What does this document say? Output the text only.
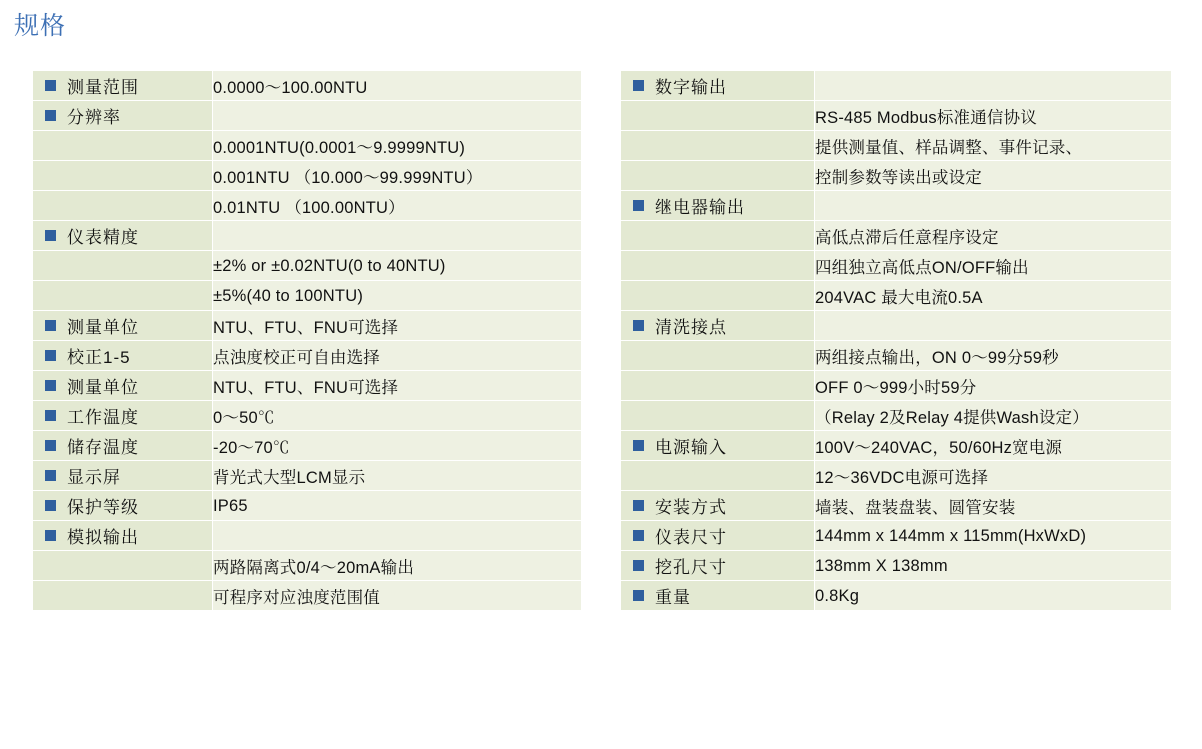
规格
测量范围	0.0000～100.00NTU

分辨率	

	0.0001NTU(0.0001～9.9999NTU)

	0.001NTU （10.000～99.999NTU）

	0.01NTU （100.00NTU）

仪表精度	

	±2% or ±0.02NTU(0 to 40NTU)

	±5%(40 to 100NTU)

测量单位	NTU、FTU、FNU可选择

校正1-5	点浊度校正可自由选择

测量单位	NTU、FTU、FNU可选择

工作温度	0～50℃

储存温度	-20～70℃

显示屏	背光式大型LCM显示

保护等级	IP65

模拟输出	

	两路隔离式0/4～20mA输出

	可程序对应浊度范围值
数字输出	

	RS-485 Modbus标准通信协议

	提供测量值、样品调整、事件记录、

	控制参数等读出或设定

继电器输出	

	高低点滞后任意程序设定

	四组独立高低点ON/OFF输出

	204VAC 最大电流0.5A

清洗接点	

	两组接点输出，ON 0～99分59秒

	OFF 0～999小时59分

	（Relay 2及Relay 4提供Wash设定）

电源输入	100V～240VAC，50/60Hz宽电源

	12～36VDC电源可选择

安装方式	墙装、盘装盘装、圆管安装

仪表尺寸	144mm x 144mm x 115mm(HxWxD)

挖孔尺寸	138mm X 138mm

重量	0.8Kg
